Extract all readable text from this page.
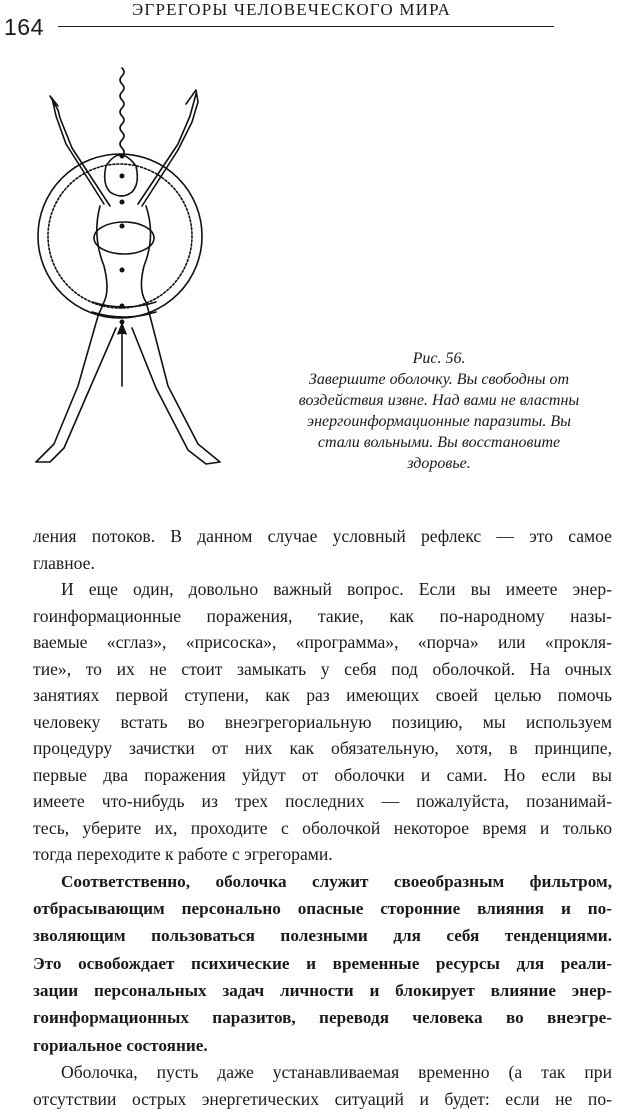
164
ЭГРЕГОРЫ ЧЕЛОВЕЧЕСКОГО МИРА
Рис. 56.
Завершите оболочку. Вы свободны от
воздействия извне. Над вами не властны
энергоинформационные паразиты. Вы
стали вольными. Вы восстановите
здоровье.
ления потоков. В данном случае условный рефлекс — это самое
главное.
И еще один, довольно важный вопрос. Если вы имеете энер-
гоинформационные поражения, такие, как по-народному назы-
ваемые «сглаз», «присоска», «программа», «порча» или «прокля-
тие», то их не стоит замыкать у себя под оболочкой. На очных
занятиях первой ступени, как раз имеющих своей целью помочь
человеку встать во внеэгрегориальную позицию, мы используем
процедуру зачистки от них как обязательную, хотя, в принципе,
первые два поражения уйдут от оболочки и сами. Но если вы
имеете что-нибудь из трех последних — пожалуйста, позанимай-
тесь, уберите их, проходите с оболочкой некоторое время и только
тогда переходите к работе с эгрегорами.
Соответственно, оболочка служит своеобразным фильтром,
отбрасывающим персонально опасные сторонние влияния и по-
зволяющим пользоваться полезными для себя тенденциями.
Это освобождает психические и временные ресурсы для реали-
зации персональных задач личности и блокирует влияние энер-
гоинформационных паразитов, переводя человека во внеэгре-
гориальное состояние.
Оболочка, пусть даже устанавливаемая временно (а так при
отсутствии острых энергетических ситуаций и будет: если не по-
